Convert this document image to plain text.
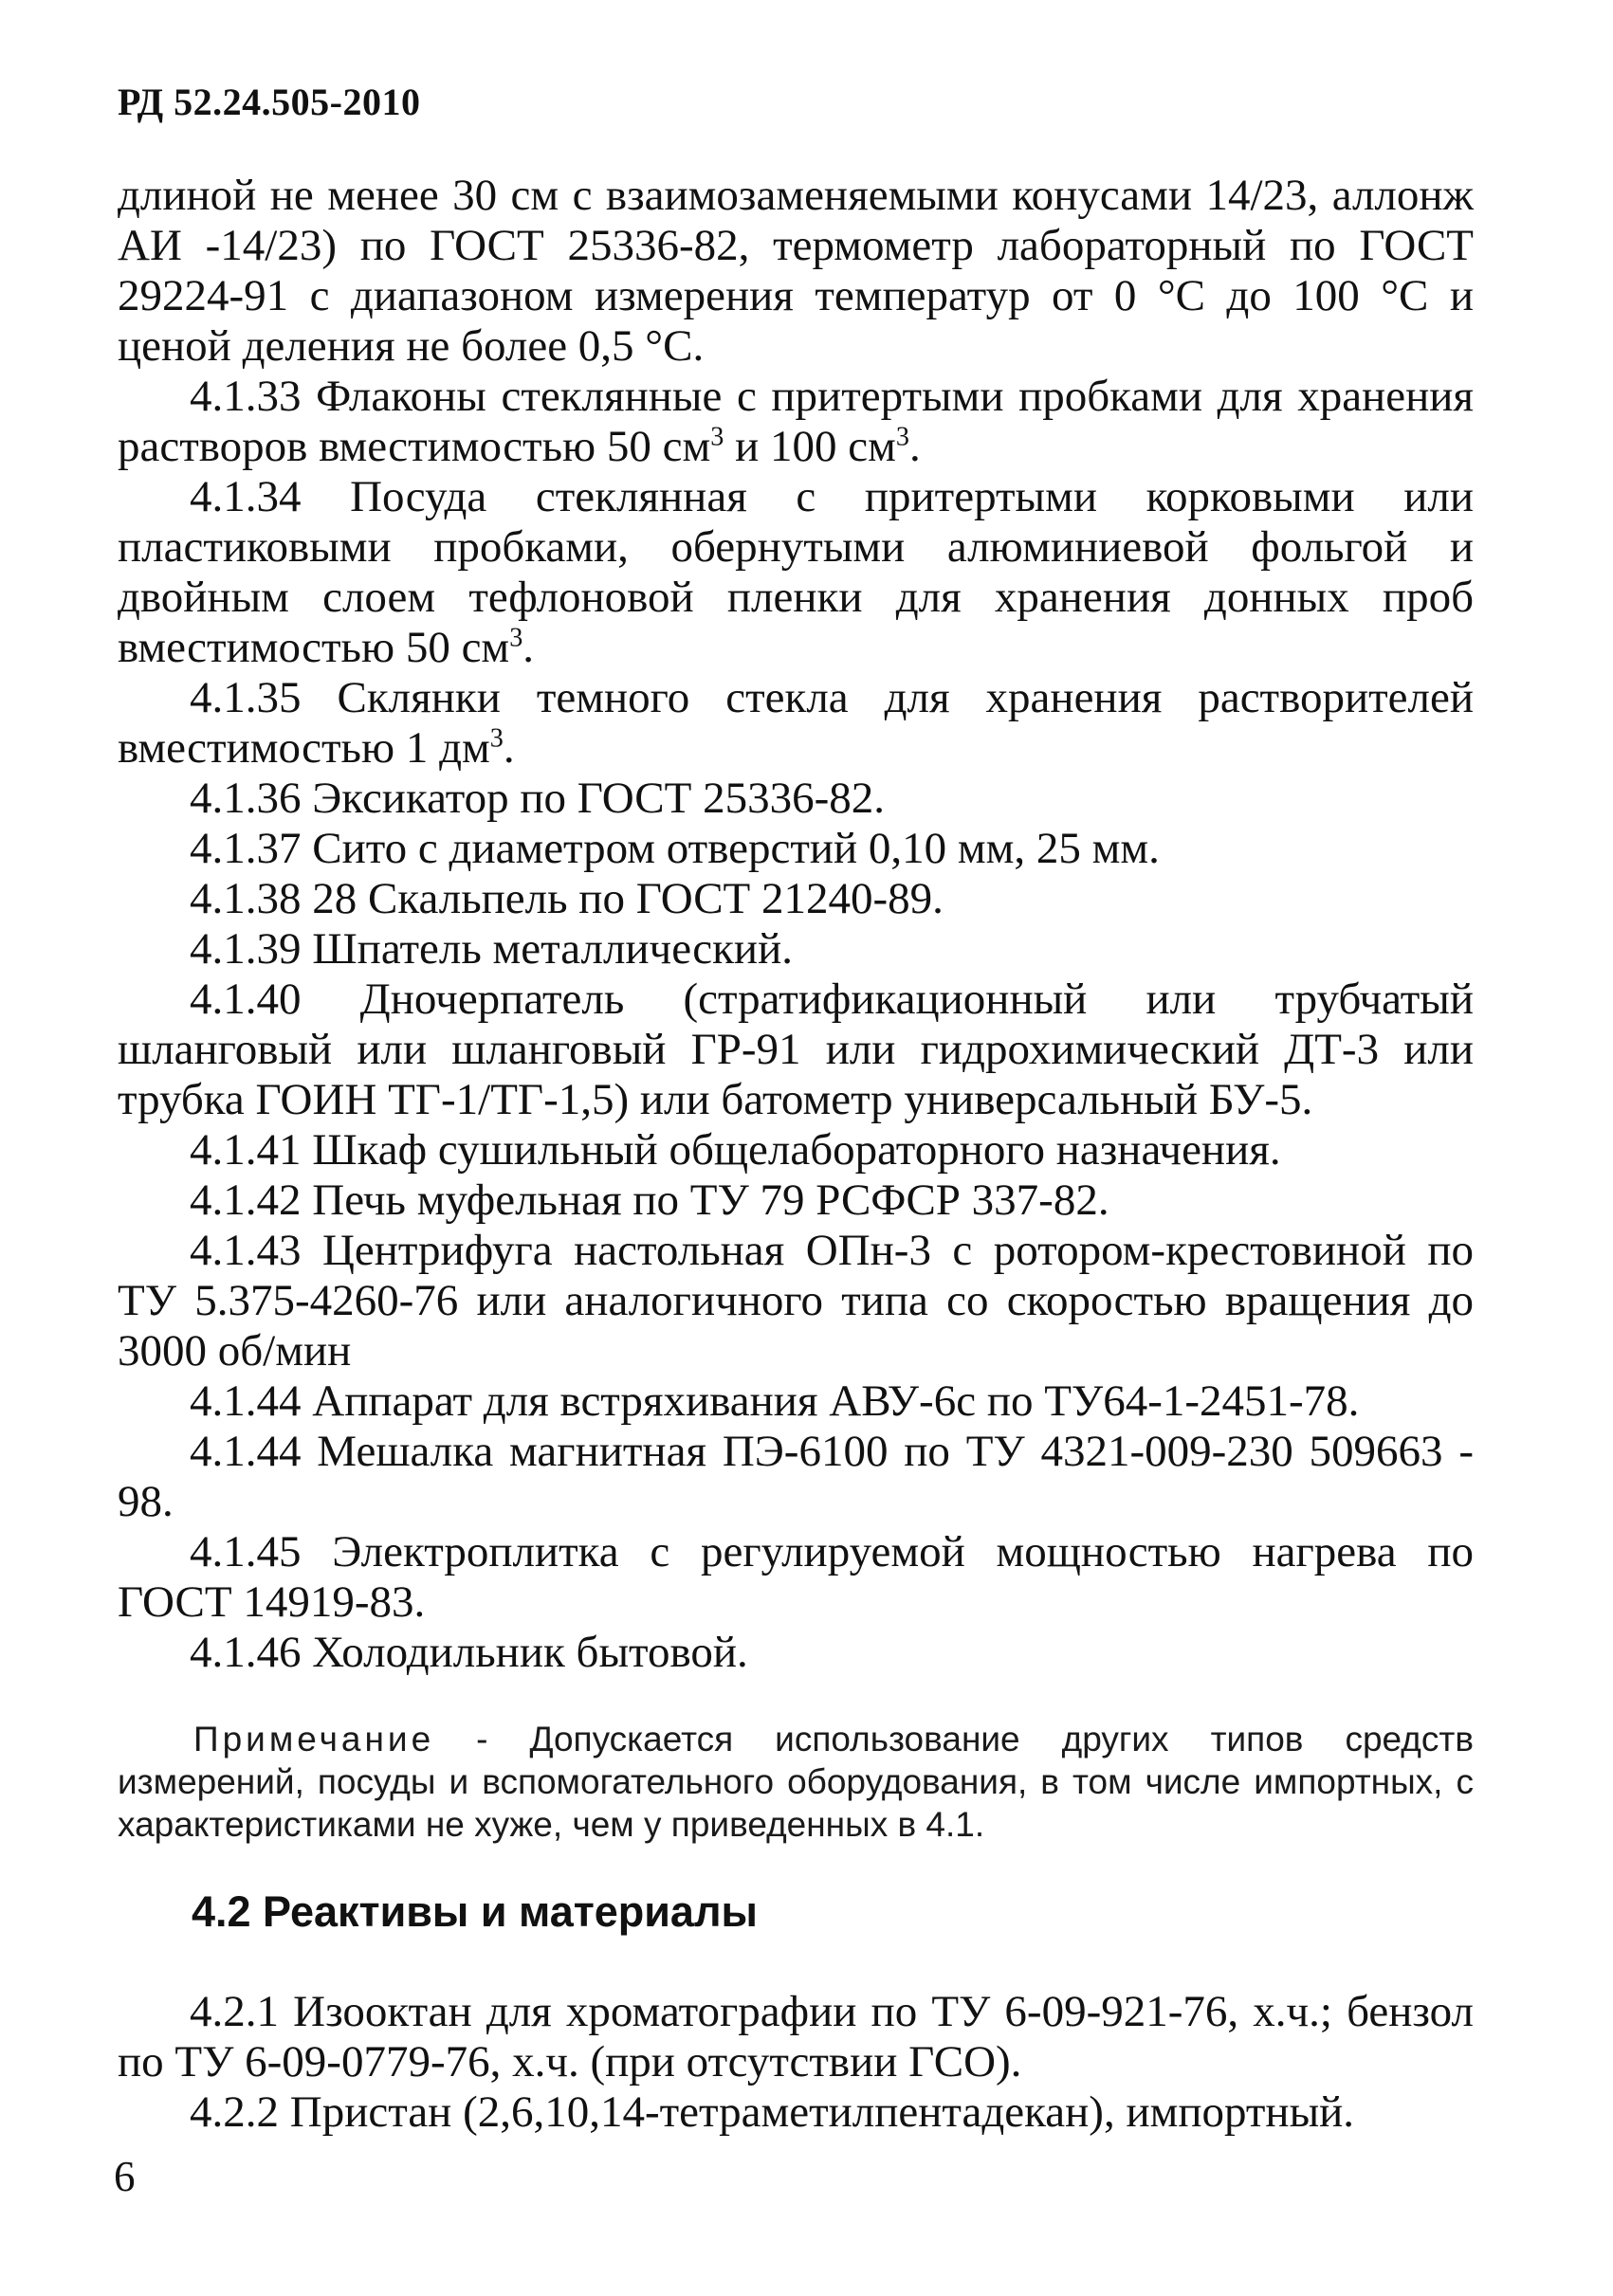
РД 52.24.505-2010

длиной не менее 30 см с взаимозаменяемыми конусами 14/23, аллонж АИ -14/23) по ГОСТ 25336-82, термометр лабораторный по ГОСТ 29224-91 с диапазоном измерения температур от 0 °С до 100 °С и ценой деления не более 0,5 °С.

4.1.33 Флаконы стеклянные с притертыми пробками для хранения растворов вместимостью 50 $см^3$ и 100 $см^3$.

4.1.34 Посуда стеклянная с притертыми корковыми или пластиковыми пробками, обернутыми алюминиевой фольгой и двойным слоем тефлоновой пленки для хранения донных проб вместимостью 50 $см^3$.

4.1.35 Склянки темного стекла для хранения растворителей вместимостью 1 $дм^3$.

4.1.36 Эксикатор по ГОСТ 25336-82.

4.1.37 Сито с диаметром отверстий 0,10 мм, 25 мм.

4.1.38 28 Скальпель по ГОСТ 21240-89.

4.1.39 Шпатель металлический.

4.1.40 Дночерпатель (стратификационный или трубчатый шланговый или шланговый ГР-91 или гидрохимический ДТ-3 или трубка ГОИН ТГ-1/ТГ-1,5) или батометр универсальный БУ-5.

4.1.41 Шкаф сушильный общелабораторного назначения.

4.1.42 Печь муфельная по ТУ 79 РСФСР 337-82.

4.1.43 Центрифуга настольная ОПн-3 с ротором-крестовиной по ТУ 5.375-4260-76 или аналогичного типа со скоростью вращения до 3000 об/мин

4.1.44 Аппарат для встряхивания АВУ-6с по ТУ64-1-2451-78.

4.1.44 Мешалка магнитная ПЭ-6100 по ТУ 4321-009-230 509663 - 98.

4.1.45 Электроплитка с регулируемой мощностью нагрева по ГОСТ 14919-83.

4.1.46 Холодильник бытовой.

Примечание - Допускается использование других типов средств измерений, посуды и вспомогательного оборудования, в том числе импортных, с характеристиками не хуже, чем у приведенных в 4.1.
4.2 Реактивы и материалы

4.2.1 Изооктан для хроматографии по ТУ 6-09-921-76, х.ч.; бензол по ТУ 6-09-0779-76, х.ч. (при отсутствии ГСО).

4.2.2 Пристан (2,6,10,14-тетраметилпентадекан), импортный.

6
